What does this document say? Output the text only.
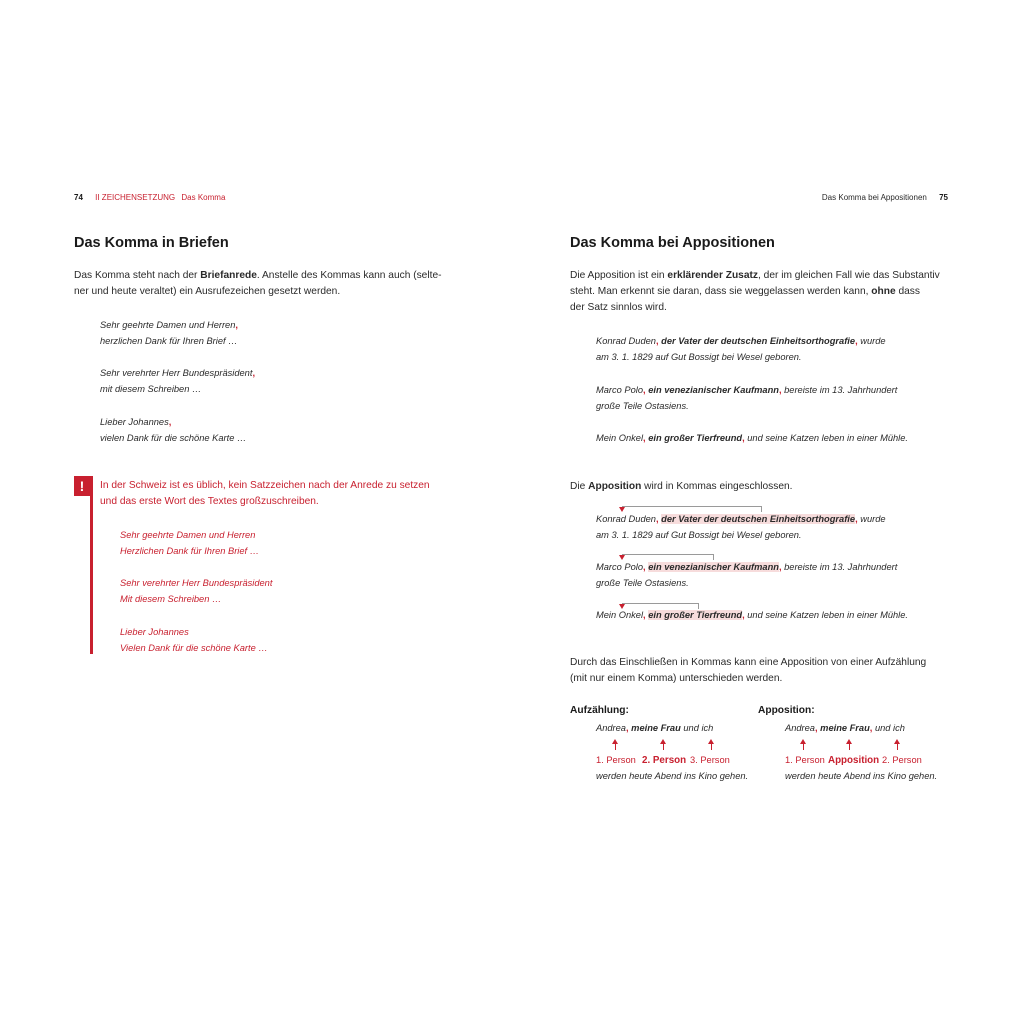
74 II ZEICHENSETZUNG Das Komma
Das Komma in Briefen
Das Komma steht nach der Briefanrede. Anstelle des Kommas kann auch (selte-
ner und heute veraltet) ein Ausrufezeichen gesetzt werden.
Sehr geehrte Damen und Herren,
herzlichen Dank für Ihren Brief …
Sehr verehrter Herr Bundespräsident,
mit diesem Schreiben …
Lieber Johannes,
vielen Dank für die schöne Karte …
!	In der Schweiz ist es üblich, kein Satzzeichen nach der Anrede zu setzen
und das erste Wort des Textes großzuschreiben.
Sehr geehrte Damen und Herren
Herzlichen Dank für Ihren Brief …
Sehr verehrter Herr Bundespräsident
Mit diesem Schreiben …
Lieber Johannes
Vielen Dank für die schöne Karte …
Das Komma bei Appositionen 75
Das Komma bei Appositionen
Die Apposition ist ein erklärender Zusatz, der im gleichen Fall wie das Substantiv
steht. Man erkennt sie daran, dass sie weggelassen werden kann, ohne dass
der Satz sinnlos wird.
Konrad Duden, der Vater der deutschen Einheitsorthografie, wurde
am 3. 1. 1829 auf Gut Bossigt bei Wesel geboren.
Marco Polo, ein venezianischer Kaufmann, bereiste im 13. Jahrhundert
große Teile Ostasiens.
Mein Onkel, ein großer Tierfreund, und seine Katzen leben in einer Mühle.
Die Apposition wird in Kommas eingeschlossen.
Konrad Duden, der Vater der deutschen Einheitsorthografie, wurde
am 3. 1. 1829 auf Gut Bossigt bei Wesel geboren.
Marco Polo, ein venezianischer Kaufmann, bereiste im 13. Jahrhundert
große Teile Ostasiens.
Mein Onkel, ein großer Tierfreund, und seine Katzen leben in einer Mühle.
Durch das Einschließen in Kommas kann eine Apposition von einer Aufzählung
(mit nur einem Komma) unterschieden werden.
Aufzählung:
Andrea, meine Frau und ich
1. Person 2. Person 3. Person
werden heute Abend ins Kino gehen.
Apposition:
Andrea, meine Frau, und ich
1. Person Apposition 2. Person
werden heute Abend ins Kino gehen.
